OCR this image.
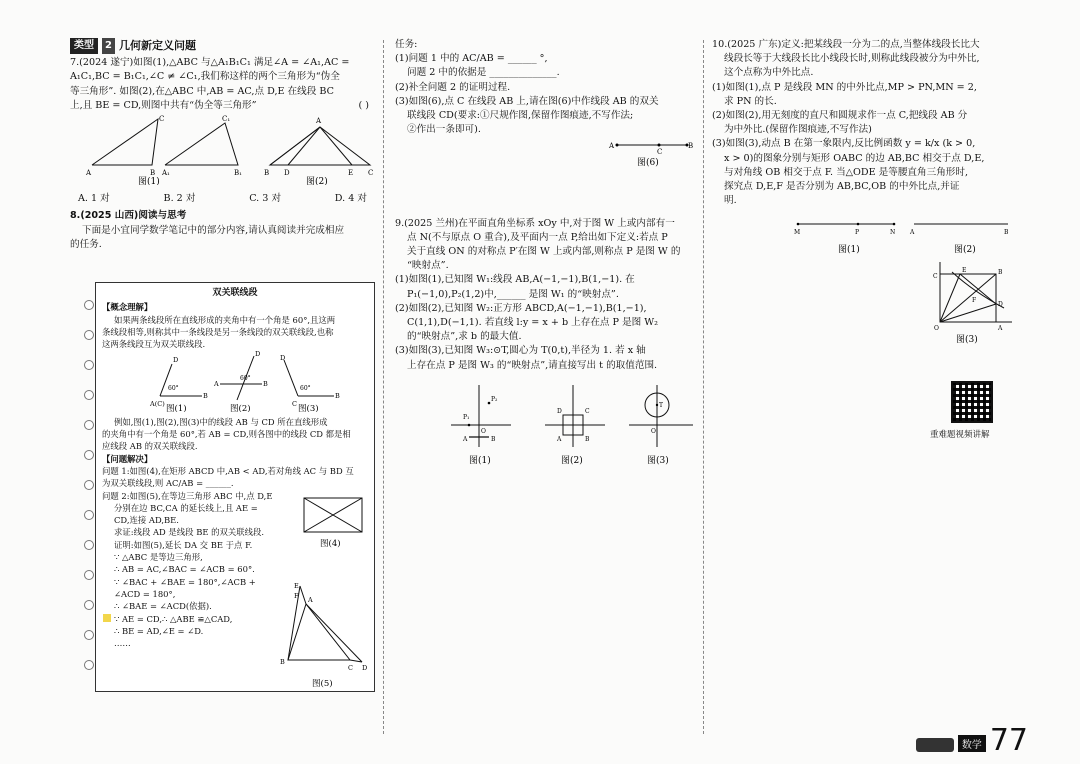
类型	2 几何新定义问题

7.(2024 遂宁)如图(1),△ABC 与△A₁B₁C₁ 满足∠A = ∠A₁,AC =

A₁C₁,BC = B₁C₁,∠C ≠ ∠C₁,我们称这样的两个三角形为“伪全

等三角形”. 如图(2),在△ABC 中,AB = AC,点 D,E 在线段 BC

上,且 BE = CD,则图中共有“伪全等三角形”	( )

A	B
C
A₁	B₁
C₁	A
B D	E C
图(1)	图(2)
A. 1 对	B. 2 对	C. 3 对	D. 4 对

8.(2025 山西)阅读与思考

下面是小宜同学数学笔记中的部分内容,请认真阅读并完成相应

的任务.

双关联线段

【概念理解】

如果两条线段所在直线形成的夹角中有一个角是 60°,且这两

条线段相等,则称其中一条线段是另一条线段的双关联线段,也称

这两条线段互为双关联线段.

A(C)
B
D
60°
A	B
D
60°
C
B
D
60°
图(1)	图(2)	图(3)

例如,图(1),图(2),图(3)中的线段 AB 与 CD 所在直线形成

的夹角中有一个角是 60°,若 AB = CD,则各图中的线段 CD 都是相

应线段 AB 的双关联线段.

【问题解决】

问题 1:如图(4),在矩形 ABCD 中,AB < AD,若对角线 AC 与 BD 互

为双关联线段,则 AC/AB = ______.

问题 2:如图(5),在等边三角形 ABC 中,点 D,E

分别在边 BC,CA 的延长线上,且 AE =

CD,连接 AD,BE.

求证:线段 AD 是线段 BE 的双关联线段.

证明:如图(5),延长 DA 交 BE 于点 F.

∵ △ABC 是等边三角形,

∴ AB = AC,∠BAC = ∠ACB = 60°.

∵ ∠BAC + ∠BAE = 180°,∠ACB +

∠ACD = 180°,

∴ ∠BAE = ∠ACD(依据).

∵ AE = CD,∴ △ABE ≌△CAD,

∴ BE = AD,∠E = ∠D.

……

图(4)
A
B
C D
E
F
图(5)

任务:

(1)问题 1 中的 AC/AB = ______ °,

问题 2 中的依据是 ______________.

(2)补全问题 2 的证明过程.

(3)如图(6),点 C 在线段 AB 上,请在图(6)中作线段 AB 的双关

联线段 CD(要求:①尺规作图,保留作图痕迹,不写作法;

②作出一条即可).

A
C
B
图(6)

9.(2025 兰州)在平面直角坐标系 xOy 中,对于图 W 上或内部有一

点 N(不与原点 O 重合),及平面内一点 P,给出如下定义:若点 P

关于直线 ON 的对称点 P′在图 W 上或内部,则称点 P 是图 W 的

“映射点”.

(1)如图(1),已知图 W₁:线段 AB,A(−1,−1),B(1,−1). 在

P₁(−1,0),P₂(1,2)中,______ 是图 W₁ 的“映射点”.

(2)如图(2),已知图 W₂:正方形 ABCD,A(−1,−1),B(1,−1),

C(1,1),D(−1,1). 若直线 l:y = x + b 上存在点 P 是图 W₂

的“映射点”,求 b 的最大值.

(3)如图(3),已知图 W₃:⊙T,圆心为 T(0,t),半径为 1. 若 x 轴

上存在点 P 是图 W₃ 的“映射点”,请直接写出 t 的取值范围.

P₁
P₂
A	B
O
D	C
A	B
T
O
图(1)	图(2)	图(3)

10.(2025 广东)定义:把某线段一分为二的点,当整体线段长比大

线段长等于大线段长比小线段长时,则称此线段被分为中外比,

这个点称为中外比点.

(1)如图(1),点 P 是线段 MN 的中外比点,MP > PN,MN = 2,

求 PN 的长.

(2)如图(2),用无刻度的直尺和圆规求作一点 C,把线段 AB 分

为中外比.(保留作图痕迹,不写作法)

(3)如图(3),动点 B 在第一象限内,反比例函数 y = k/x (k > 0,

x > 0)的图象分别与矩形 OABC 的边 AB,BC 相交于点 D,E,

与对角线 OB 相交于点 F. 当△ODE 是等腰直角三角形时,

探究点 D,E,F 是否分别为 AB,BC,OB 的中外比点,并证

明.

M	P	N A	B
C
E	B
F
D
A
O
图(1)	图(2)
图(3)
重难题视频讲解
数学 77
